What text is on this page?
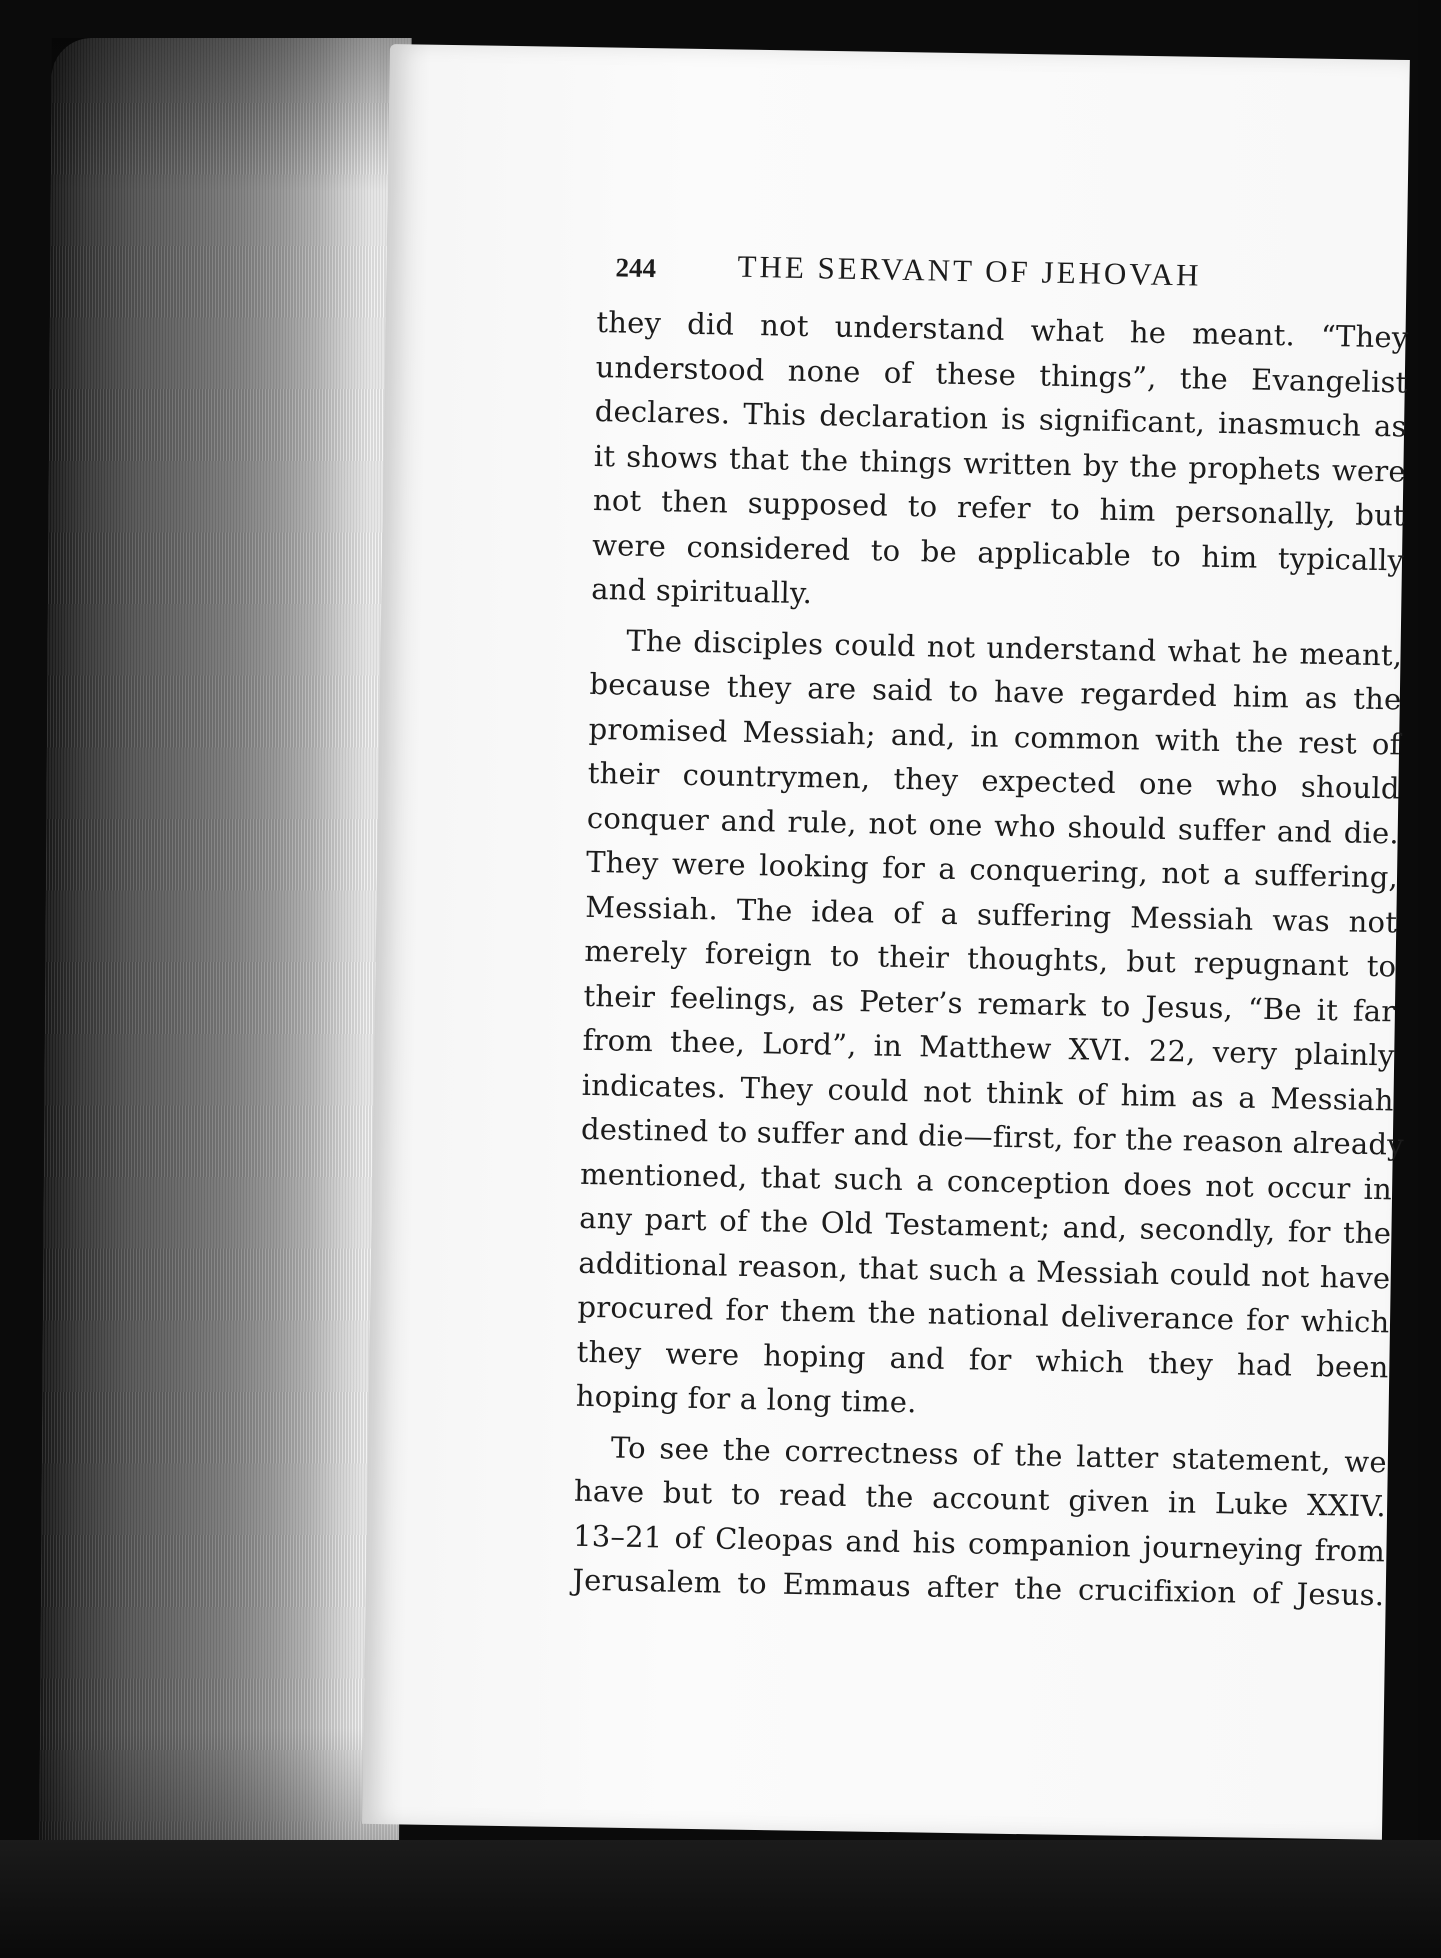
244	THE SERVANT OF JEHOVAH

they did not understand what he meant. “They
understood none of these things”, the Evangelist
declares. This declaration is significant, inasmuch as
it shows that the things written by the prophets were
not then supposed to refer to him personally, but
were considered to be applicable to him typically
and spiritually.

The disciples could not understand what he meant,
because they are said to have regarded him as the
promised Messiah; and, in common with the rest of
their countrymen, they expected one who should
conquer and rule, not one who should suffer and die.
They were looking for a conquering, not a suffering,
Messiah. The idea of a suffering Messiah was not
merely foreign to their thoughts, but repugnant to
their feelings, as Peter’s remark to Jesus, “Be it far
from thee, Lord”, in Matthew XVI. 22, very plainly
indicates. They could not think of him as a Messiah
destined to suffer and die—first, for the reason already
mentioned, that such a conception does not occur in
any part of the Old Testament; and, secondly, for the
additional reason, that such a Messiah could not have
procured for them the national deliverance for which
they were hoping and for which they had been
hoping for a long time.

To see the correctness of the latter statement, we
have but to read the account given in Luke XXIV.
13–21 of Cleopas and his companion journeying from
Jerusalem to Emmaus after the crucifixion of Jesus.
